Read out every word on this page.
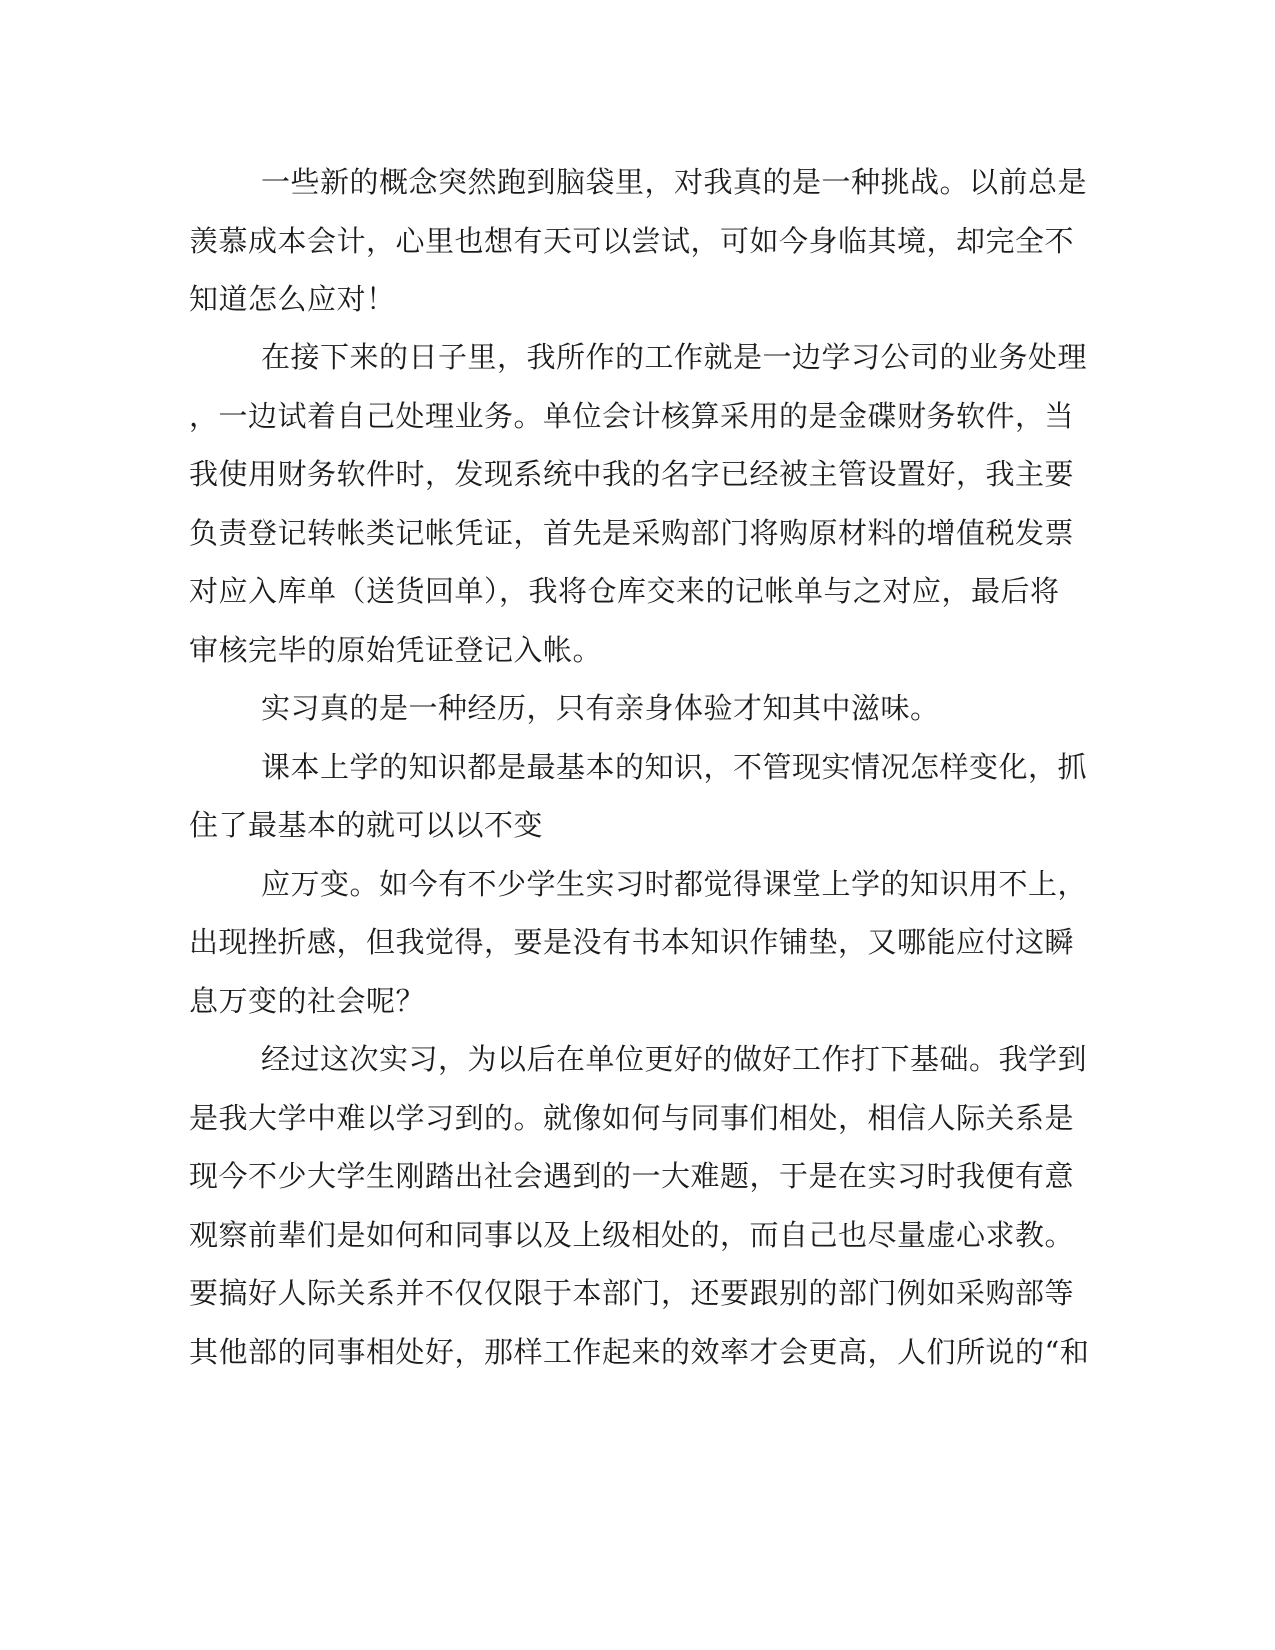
一些新的概念突然跑到脑袋里，对我真的是一种挑战。以前总是

羡慕成本会计，心里也想有天可以尝试，可如今身临其境，却完全不

知道怎么应对！

在接下来的日子里，我所作的工作就是一边学习公司的业务处理

，一边试着自己处理业务。单位会计核算采用的是金碟财务软件，当

我使用财务软件时，发现系统中我的名字已经被主管设置好，我主要

负责登记转帐类记帐凭证，首先是采购部门将购原材料的增值税发票

对应入库单（送货回单），我将仓库交来的记帐单与之对应，最后将

审核完毕的原始凭证登记入帐。

实习真的是一种经历，只有亲身体验才知其中滋味。

课本上学的知识都是最基本的知识，不管现实情况怎样变化，抓

住了最基本的就可以以不变

应万变。如今有不少学生实习时都觉得课堂上学的知识用不上，

出现挫折感，但我觉得，要是没有书本知识作铺垫，又哪能应付这瞬

息万变的社会呢？

经过这次实习，为以后在单位更好的做好工作打下基础。我学到

是我大学中难以学习到的。就像如何与同事们相处，相信人际关系是

现今不少大学生刚踏出社会遇到的一大难题，于是在实习时我便有意

观察前辈们是如何和同事以及上级相处的，而自己也尽量虚心求教。

要搞好人际关系并不仅仅限于本部门，还要跟别的部门例如采购部等

其他部的同事相处好，那样工作起来的效率才会更高，人们所说的“和
